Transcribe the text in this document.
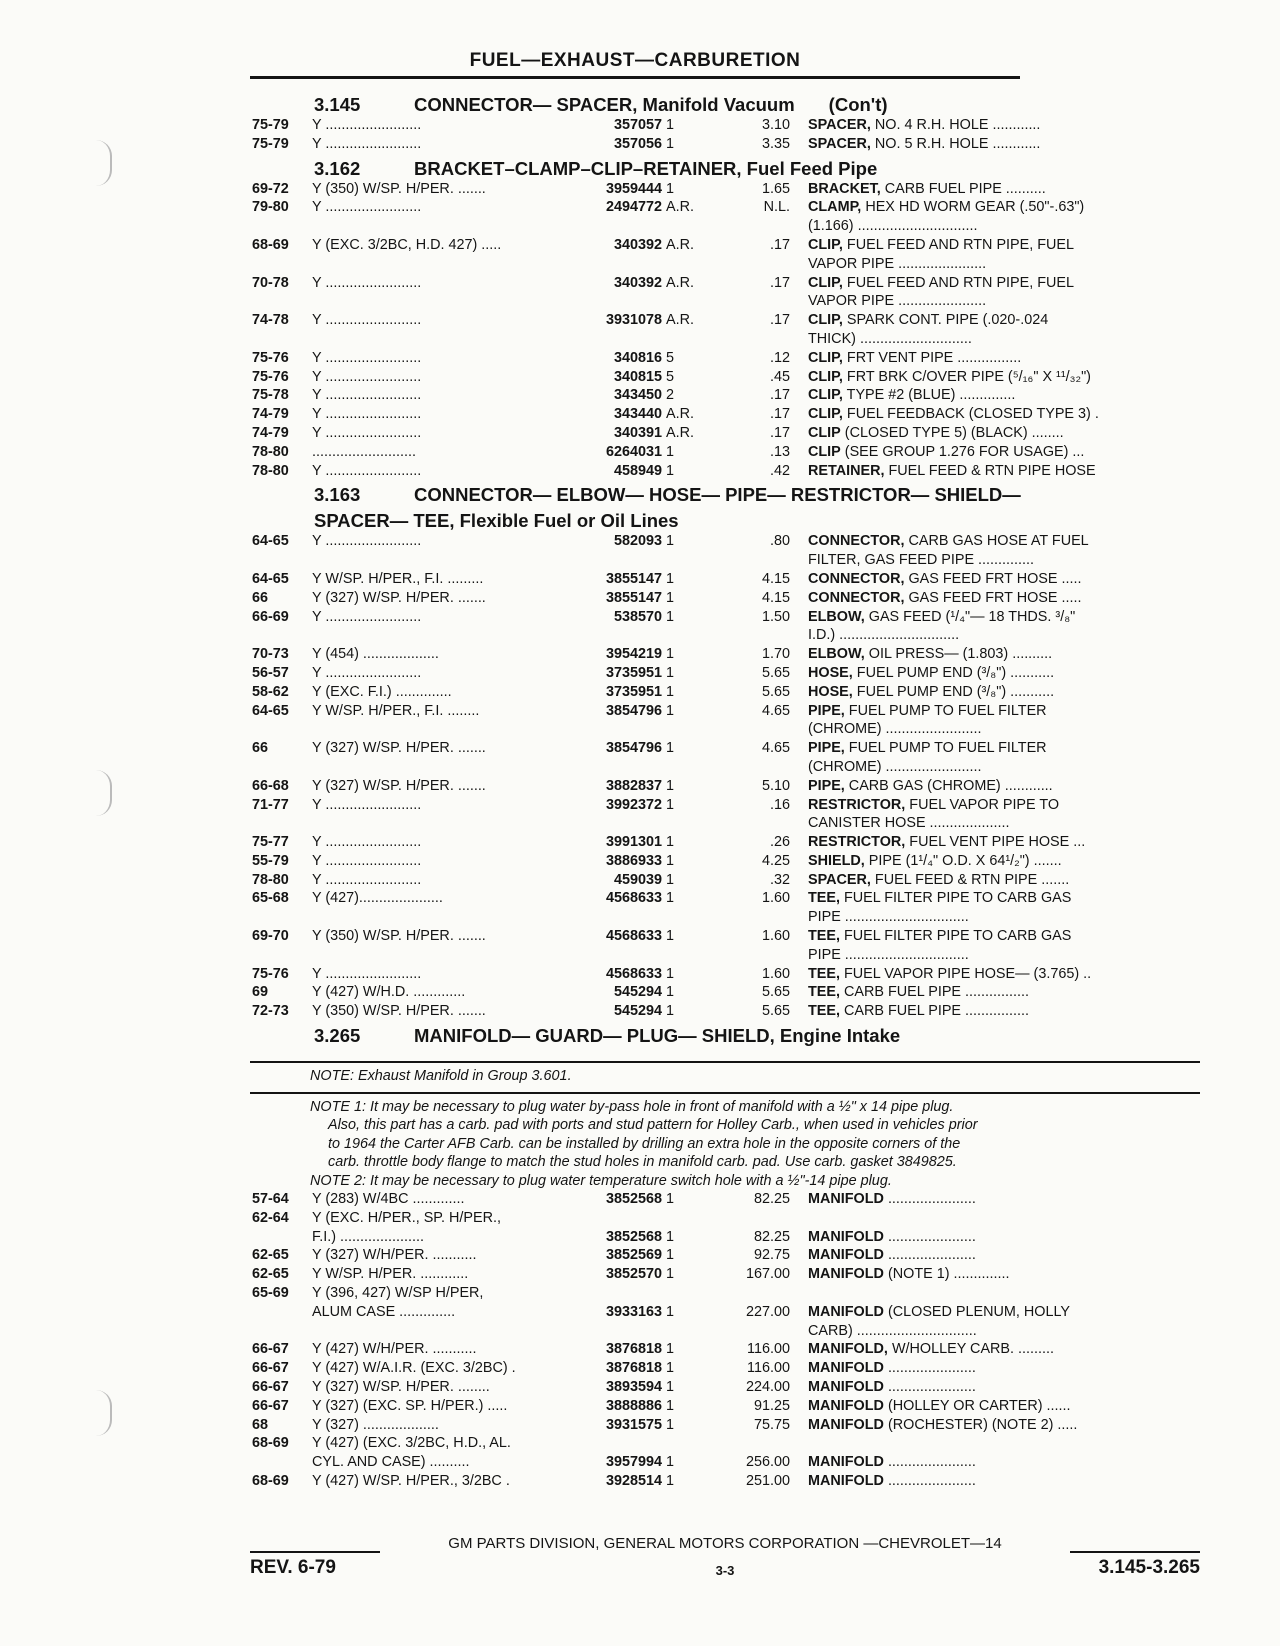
FUEL—EXHAUST—CARBURETION
3.145	CONNECTOR— SPACER, Manifold Vacuum (Con't)
75-79	Y ........................	357057 1	3.10 SPACER, NO. 4 R.H. HOLE ............
75-79	Y ........................	357056 1	3.35 SPACER, NO. 5 R.H. HOLE ............
3.162	BRACKET–CLAMP–CLIP–RETAINER, Fuel Feed Pipe
69-72	Y (350) W/SP. H/PER. .......	3959444 1	1.65 BRACKET, CARB FUEL PIPE ..........
79-80	Y ........................	2494772 A.R.	N.L. CLAMP, HEX HD WORM GEAR (.50"-.63")
(1.166) ..............................
68-69	Y (EXC. 3/2BC, H.D. 427) .....	340392 A.R.	.17 CLIP, FUEL FEED AND RTN PIPE, FUEL
VAPOR PIPE ......................
70-78	Y ........................	340392 A.R.	.17 CLIP, FUEL FEED AND RTN PIPE, FUEL
VAPOR PIPE ......................
74-78	Y ........................	3931078 A.R.	.17 CLIP, SPARK CONT. PIPE (.020-.024
THICK) ............................
75-76	Y ........................	340816 5	.12 CLIP, FRT VENT PIPE ................
75-76	Y ........................	340815 5	.45 CLIP, FRT BRK C/OVER PIPE (⁵/₁₆" X ¹¹/₃₂")
75-78	Y ........................	343450 2	.17 CLIP, TYPE #2 (BLUE) ..............
74-79	Y ........................	343440 A.R.	.17 CLIP, FUEL FEEDBACK (CLOSED TYPE 3) .
74-79	Y ........................	340391 A.R.	.17 CLIP (CLOSED TYPE 5) (BLACK) ........
78-80	..........................	6264031 1	.13 CLIP (SEE GROUP 1.276 FOR USAGE) ...
78-80	Y ........................	458949 1	.42 RETAINER, FUEL FEED & RTN PIPE HOSE
3.163	CONNECTOR— ELBOW— HOSE— PIPE— RESTRICTOR— SHIELD—
SPACER— TEE, Flexible Fuel or Oil Lines
64-65	Y ........................	582093 1	.80 CONNECTOR, CARB GAS HOSE AT FUEL
FILTER, GAS FEED PIPE ..............
64-65	Y W/SP. H/PER., F.I. .........	3855147 1	4.15 CONNECTOR, GAS FEED FRT HOSE .....
66	Y (327) W/SP. H/PER. .......	3855147 1	4.15 CONNECTOR, GAS FEED FRT HOSE .....
66-69	Y ........................	538570 1	1.50 ELBOW, GAS FEED (¹/₄"— 18 THDS. ³/₈"
I.D.) ..............................
70-73	Y (454) ...................	3954219 1	1.70 ELBOW, OIL PRESS— (1.803) ..........
56-57	Y ........................	3735951 1	5.65 HOSE, FUEL PUMP END (³/₈") ...........
58-62	Y (EXC. F.I.) ..............	3735951 1	5.65 HOSE, FUEL PUMP END (³/₈") ...........
64-65	Y W/SP. H/PER., F.I. ........	3854796 1	4.65 PIPE, FUEL PUMP TO FUEL FILTER
(CHROME) ........................
66	Y (327) W/SP. H/PER. .......	3854796 1	4.65 PIPE, FUEL PUMP TO FUEL FILTER
(CHROME) ........................
66-68	Y (327) W/SP. H/PER. .......	3882837 1	5.10 PIPE, CARB GAS (CHROME) ............
71-77	Y ........................	3992372 1	.16 RESTRICTOR, FUEL VAPOR PIPE TO
CANISTER HOSE ....................
75-77	Y ........................	3991301 1	.26 RESTRICTOR, FUEL VENT PIPE HOSE ...
55-79	Y ........................	3886933 1	4.25 SHIELD, PIPE (1¹/₄" O.D. X 64¹/₂") .......
78-80	Y ........................	459039 1	.32 SPACER, FUEL FEED & RTN PIPE .......
65-68	Y (427).....................	4568633 1	1.60 TEE, FUEL FILTER PIPE TO CARB GAS
PIPE ...............................
69-70	Y (350) W/SP. H/PER. .......	4568633 1	1.60 TEE, FUEL FILTER PIPE TO CARB GAS
PIPE ...............................
75-76	Y ........................	4568633 1	1.60 TEE, FUEL VAPOR PIPE HOSE— (3.765) ..
69	Y (427) W/H.D. .............	545294 1	5.65 TEE, CARB FUEL PIPE ................
72-73	Y (350) W/SP. H/PER. .......	545294 1	5.65 TEE, CARB FUEL PIPE ................
3.265	MANIFOLD— GUARD— PLUG— SHIELD, Engine Intake
NOTE: Exhaust Manifold in Group 3.601.
NOTE 1: It may be necessary to plug water by-pass hole in front of manifold with a ½" x 14 pipe plug.
Also, this part has a carb. pad with ports and stud pattern for Holley Carb., when used in vehicles prior
to 1964 the Carter AFB Carb. can be installed by drilling an extra hole in the opposite corners of the
carb. throttle body flange to match the stud holes in manifold carb. pad. Use carb. gasket 3849825.
NOTE 2: It may be necessary to plug water temperature switch hole with a ½"-14 pipe plug.
57-64	Y (283) W/4BC .............	3852568 1	82.25 MANIFOLD ......................
62-64	Y (EXC. H/PER., SP. H/PER.,
F.I.) .....................	3852568 1	82.25 MANIFOLD ......................
62-65	Y (327) W/H/PER. ...........	3852569 1	92.75 MANIFOLD ......................
62-65	Y W/SP. H/PER. ............	3852570 1	167.00 MANIFOLD (NOTE 1) ..............
65-69	Y (396, 427) W/SP H/PER,
ALUM CASE ..............	3933163 1	227.00 MANIFOLD (CLOSED PLENUM, HOLLY
CARB) ..............................
66-67	Y (427) W/H/PER. ...........	3876818 1	116.00 MANIFOLD, W/HOLLEY CARB. .........
66-67	Y (427) W/A.I.R. (EXC. 3/2BC) .	3876818 1	116.00 MANIFOLD ......................
66-67	Y (327) W/SP. H/PER. ........	3893594 1	224.00 MANIFOLD ......................
66-67	Y (327) (EXC. SP. H/PER.) .....	3888886 1	91.25 MANIFOLD (HOLLEY OR CARTER) ......
68	Y (327) ...................	3931575 1	75.75 MANIFOLD (ROCHESTER) (NOTE 2) .....
68-69	Y (427) (EXC. 3/2BC, H.D., AL.
CYL. AND CASE) ..........	3957994 1	256.00 MANIFOLD ......................
68-69	Y (427) W/SP. H/PER., 3/2BC .	3928514 1	251.00 MANIFOLD ......................
GM PARTS DIVISION, GENERAL MOTORS CORPORATION —CHEVROLET—14
REV. 6-79	3-3	3.145-3.265
